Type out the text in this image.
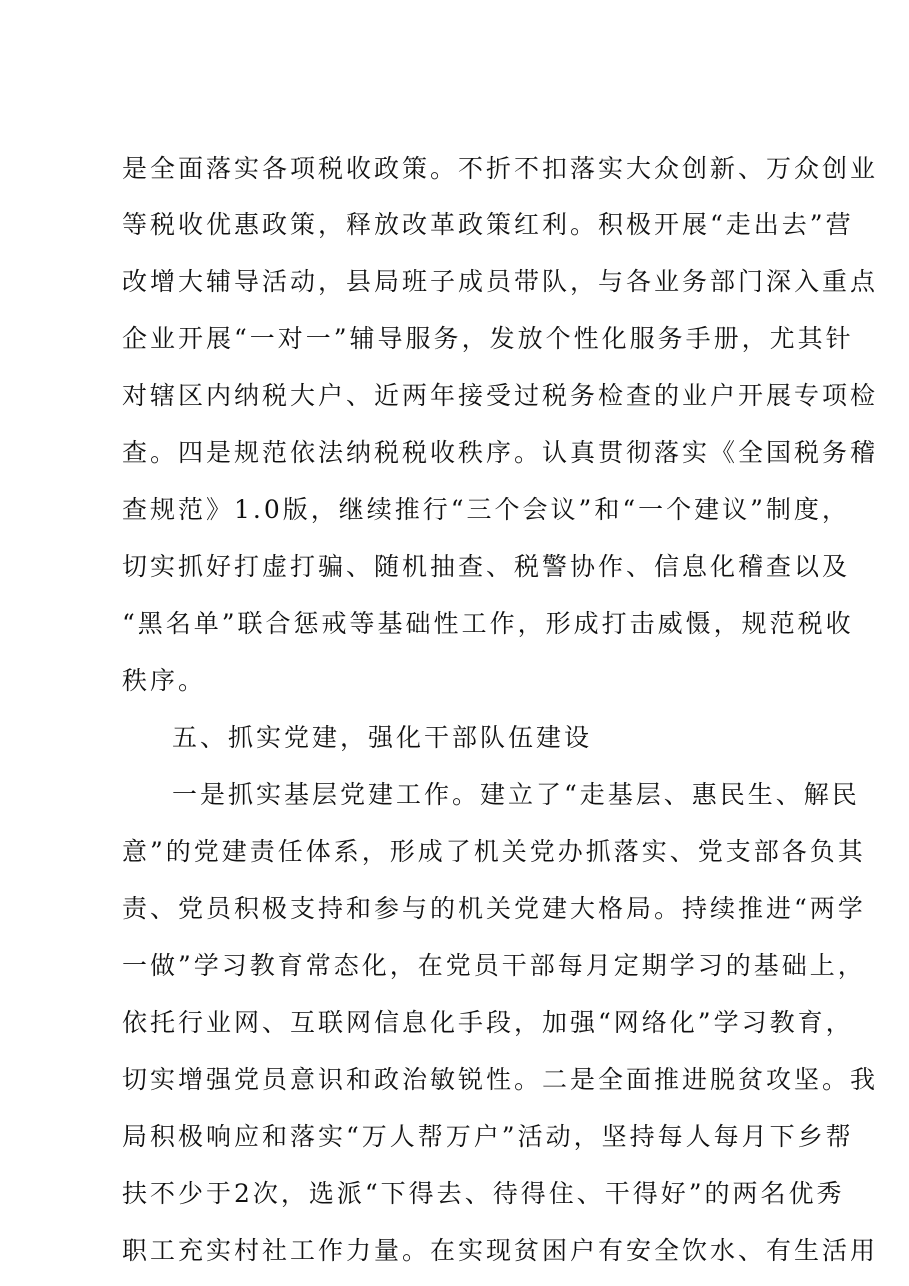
是全面落实各项税收政策。不折不扣落实大众创新、万众创业
等税收优惠政策，释放改革政策红利。积极开展“走出去”营
改增大辅导活动，县局班子成员带队，与各业务部门深入重点
企业开展“一对一”辅导服务，发放个性化服务手册，尤其针
对辖区内纳税大户、近两年接受过税务检查的业户开展专项检
查。四是规范依法纳税税收秩序。认真贯彻落实《全国税务稽
查规范》1.0版，继续推行“三个会议”和“一个建议”制度，
切实抓好打虚打骗、随机抽查、税警协作、信息化稽查以及
“黑名单”联合惩戒等基础性工作，形成打击威慑，规范税收
秩序。
五、抓实党建，强化干部队伍建设
一是抓实基层党建工作。建立了“走基层、惠民生、解民
意”的党建责任体系，形成了机关党办抓落实、党支部各负其
责、党员积极支持和参与的机关党建大格局。持续推进“两学
一做”学习教育常态化，在党员干部每月定期学习的基础上，
依托行业网、互联网信息化手段，加强“网络化”学习教育，
切实增强党员意识和政治敏锐性。二是全面推进脱贫攻坚。我
局积极响应和落实“万人帮万户”活动，坚持每人每月下乡帮
扶不少于2次，选派“下得去、待得住、干得好”的两名优秀
职工充实村社工作力量。在实现贫困户有安全饮水、有生活用
